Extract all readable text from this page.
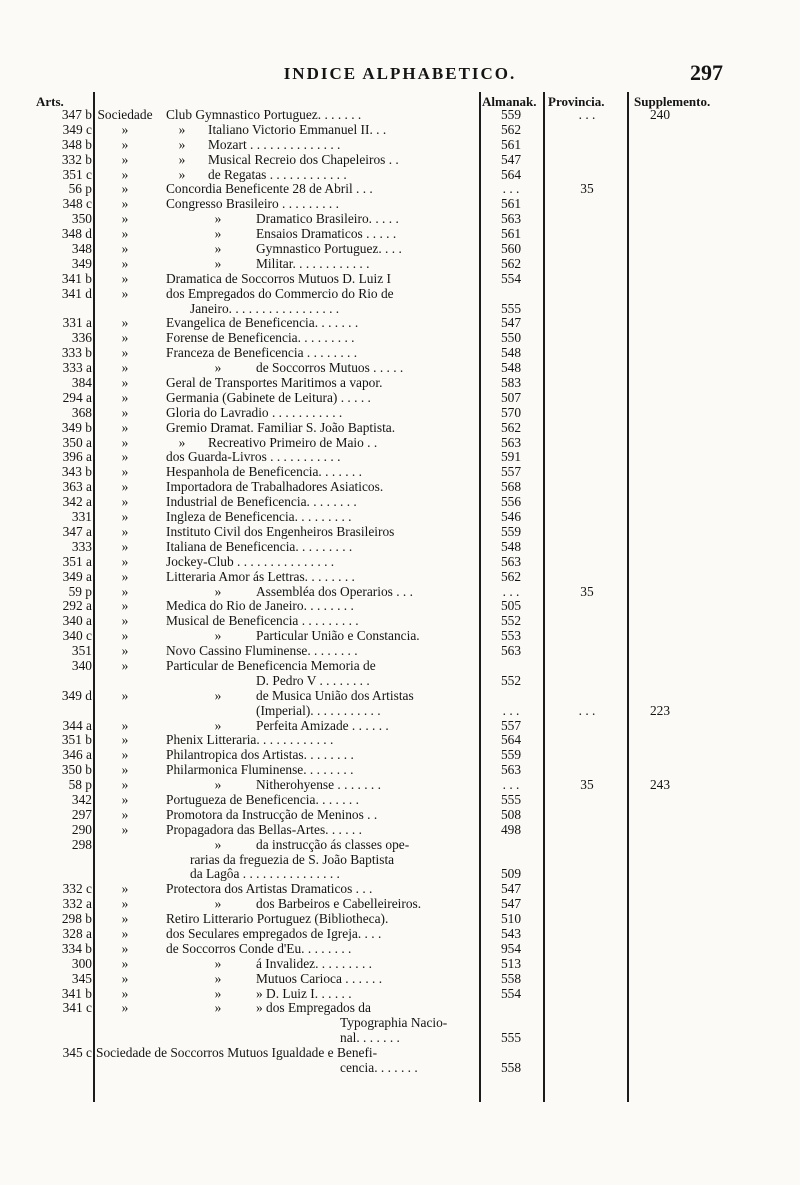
INDICE ALPHABETICO.	297
Arts.	Almanak. Provincia. Supplemento.
347 b Sociedade	Club Gymnastico Portuguez. . . . . . .	559	. . .	240
349 c	»	»	Italiano Victorio Emmanuel II. . .	562
348 b	»	»	Mozart . . . . . . . . . . . . . .	561
332 b	»	»	Musical Recreio dos Chapeleiros . .	547
351 c	»	»	de Regatas . . . . . . . . . . . .	564
56 p	»	Concordia Beneficente 28 de Abril . . .	. . .	35
348 c	»	Congresso Brasileiro . . . . . . . . .	561
350	»	»	Dramatico Brasileiro. . . . .	563
348 d	»	»	Ensaios Dramaticos . . . . .	561
348	»	»	Gymnastico Portuguez. . . .	560
349	»	»	Militar. . . . . . . . . . . .	562
341 b	»	Dramatica de Soccorros Mutuos D. Luiz I	554
341 d	»	dos Empregados do Commercio do Rio de
Janeiro. . . . . . . . . . . . . . . . .	555
331 a	»	Evangelica de Beneficencia. . . . . . .	547
336	»	Forense de Beneficencia. . . . . . . . .	550
333 b	»	Franceza de Beneficencia . . . . . . . .	548
333 a	»	»	de Soccorros Mutuos . . . . .	548
384	»	Geral de Transportes Maritimos a vapor.	583
294 a	»	Germania (Gabinete de Leitura) . . . . .	507
368	»	Gloria do Lavradio . . . . . . . . . . .	570
349 b	»	Gremio Dramat. Familiar S. João Baptista.	562
350 a	»	»	Recreativo Primeiro de Maio . .	563
396 a	»	dos Guarda-Livros . . . . . . . . . . .	591
343 b	»	Hespanhola de Beneficencia. . . . . . .	557
363 a	»	Importadora de Trabalhadores Asiaticos.	568
342 a	»	Industrial de Beneficencia. . . . . . . .	556
331	»	Ingleza de Beneficencia. . . . . . . . .	546
347 a	»	Instituto Civil dos Engenheiros Brasileiros	559
333	»	Italiana de Beneficencia. . . . . . . . .	548
351 a	»	Jockey-Club . . . . . . . . . . . . . . .	563
349 a	»	Litteraria Amor ás Lettras. . . . . . . .	562
59 p	»	»	Assembléa dos Operarios . . .	. . .	35
292 a	»	Medica do Rio de Janeiro. . . . . . . .	505
340 a	»	Musical de Beneficencia . . . . . . . . .	552
340 c	»	»	Particular União e Constancia.	553
351	»	Novo Cassino Fluminense. . . . . . . .	563
340	»	Particular de Beneficencia Memoria de
D. Pedro V . . . . . . . .	552
349 d	»	»	de Musica União dos Artistas
(Imperial). . . . . . . . . . .	. . .	. . .	223
344 a	»	»	Perfeita Amizade . . . . . .	557
351 b	»	Phenix Litteraria. . . . . . . . . . . .	564
346 a	»	Philantropica dos Artistas. . . . . . . .	559
350 b	»	Philarmonica Fluminense. . . . . . . .	563
58 p	»	»	Nitherohyense . . . . . . .	. . .	35	243
342	»	Portugueza de Beneficencia. . . . . . .	555
297	»	Promotora da Instrucção de Meninos . .	508
290	»	Propagadora das Bellas-Artes. . . . . .	498
298	»	da instrucção ás classes ope-
rarias da freguezia de S. João Baptista
da Lagôa . . . . . . . . . . . . . . .	509
332 c	»	Protectora dos Artistas Dramaticos . . .	547
332 a	»	»	dos Barbeiros e Cabelleireiros.	547
298 b	»	Retiro Litterario Portuguez (Bibliotheca).	510
328 a	»	dos Seculares empregados de Igreja. . . .	543
334 b	»	de Soccorros Conde d'Eu. . . . . . . .	954
300	»	»	á Invalidez. . . . . . . . .	513
345	»	»	Mutuos Carioca . . . . . .	558
341 b	»	»	» D. Luiz I. . . . . .	554
341 c	»	»	» dos Empregados da
Typographia Nacio-
nal. . . . . . .	555
345 c Sociedade de Soccorros Mutuos Igualdade e Benefi-
cencia. . . . . . .	558
